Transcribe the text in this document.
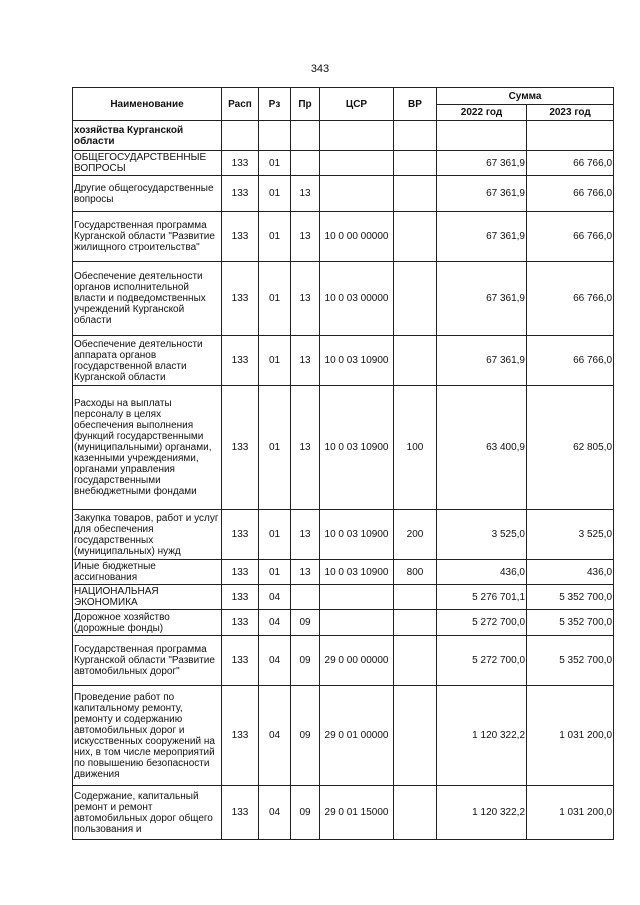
343
Наименование	Расп	Рз	Пр	ЦСР	ВР	Сумма	
						2022 год	2023 год
хозяйства Курганской области							
ОБЩЕГОСУДАРСТВЕННЫЕ ВОПРОСЫ	133	01				67 361,9	66 766,0
Другие общегосударственные вопросы	133	01	13			67 361,9	66 766,0
Государственная программа Курганской области "Развитие жилищного строительства"	133	01	13	10 0 00 00000		67 361,9	66 766,0
Обеспечение деятельности органов исполнительной власти и подведомственных учреждений Курганской области	133	01	13	10 0 03 00000		67 361,9	66 766,0
Обеспечение деятельности аппарата органов государственной власти Курганской области	133	01	13	10 0 03 10900		67 361,9	66 766,0
Расходы на выплаты персоналу в целях обеспечения выполнения функций государственными (муниципальными) органами, казенными учреждениями, органами управления государственными внебюджетными фондами	133	01	13	10 0 03 10900	100	63 400,9	62 805,0
Закупка товаров, работ и услуг для обеспечения государственных (муниципальных) нужд	133	01	13	10 0 03 10900	200	3 525,0	3 525,0
Иные бюджетные ассигнования	133	01	13	10 0 03 10900	800	436,0	436,0
НАЦИОНАЛЬНАЯ ЭКОНОМИКА	133	04				5 276 701,1	5 352 700,0
Дорожное хозяйство (дорожные фонды)	133	04	09			5 272 700,0	5 352 700,0
Государственная программа Курганской области "Развитие автомобильных дорог"	133	04	09	29 0 00 00000		5 272 700,0	5 352 700,0
Проведение работ по капитальному ремонту, ремонту и содержанию автомобильных дорог и искусственных сооружений на них, в том числе мероприятий по повышению безопасности движения	133	04	09	29 0 01 00000		1 120 322,2	1 031 200,0
Содержание, капитальный ремонт и ремонт автомобильных дорог общего пользования и	133	04	09	29 0 01 15000		1 120 322,2	1 031 200,0
